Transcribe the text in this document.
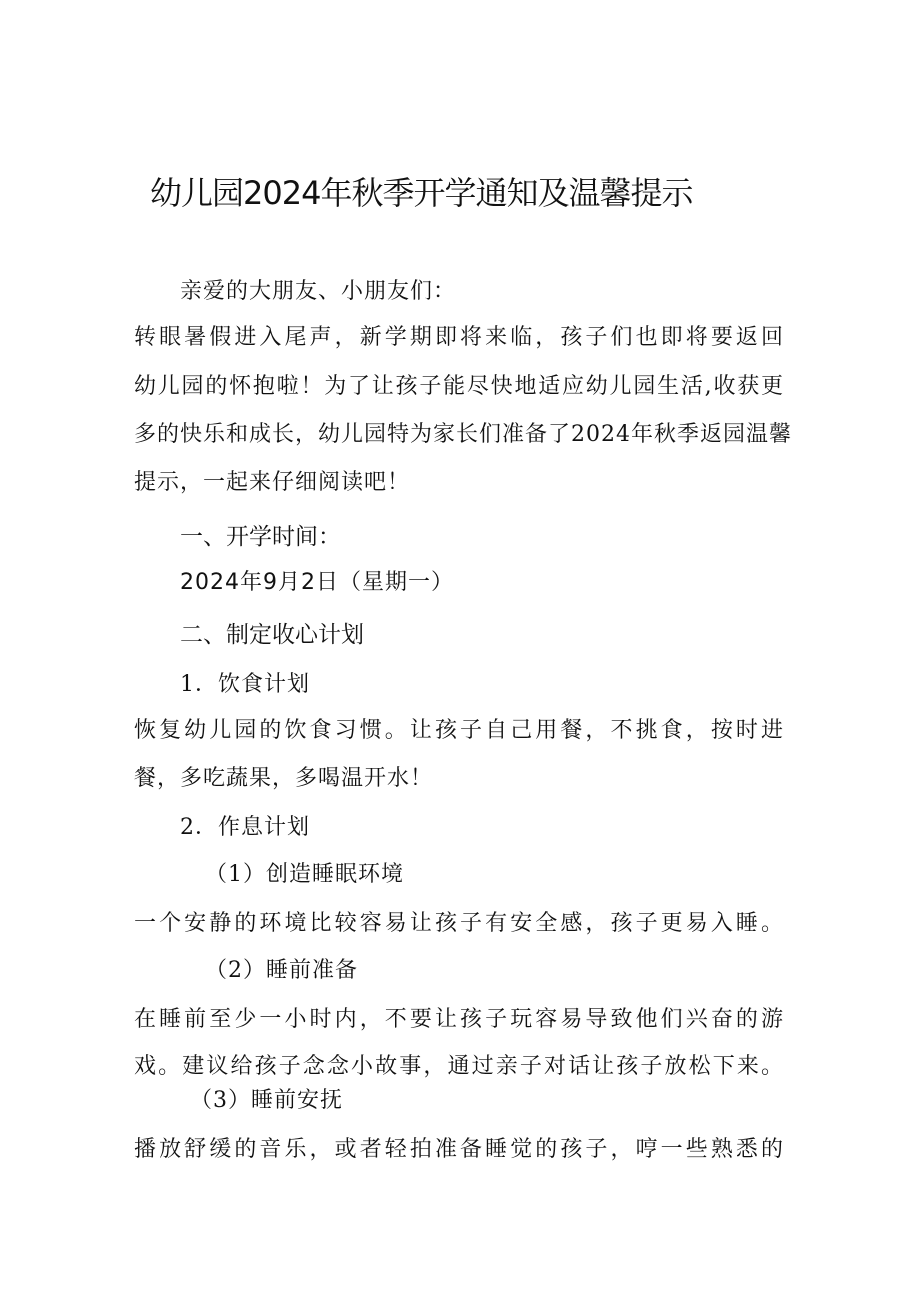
幼儿园2024年秋季开学通知及温馨提示

亲爱的大朋友、小朋友们：

转眼暑假进入尾声，新学期即将来临，孩子们也即将要返回

幼儿园的怀抱啦！为了让孩子能尽快地适应幼儿园生活,收获更

多的快乐和成长，幼儿园特为家长们准备了2024年秋季返园温馨

提示，一起来仔细阅读吧！

一、开学时间：

2024年9月2日（星期一）

二、制定收心计划

1．饮食计划

恢复幼儿园的饮食习惯。让孩子自己用餐，不挑食，按时进

餐，多吃蔬果，多喝温开水！

2．作息计划

（1）创造睡眠环境

一个安静的环境比较容易让孩子有安全感，孩子更易入睡。

（2）睡前准备

在睡前至少一小时内，不要让孩子玩容易导致他们兴奋的游

戏。建议给孩子念念小故事，通过亲子对话让孩子放松下来。

（3）睡前安抚

播放舒缓的音乐，或者轻拍准备睡觉的孩子，哼一些熟悉的
